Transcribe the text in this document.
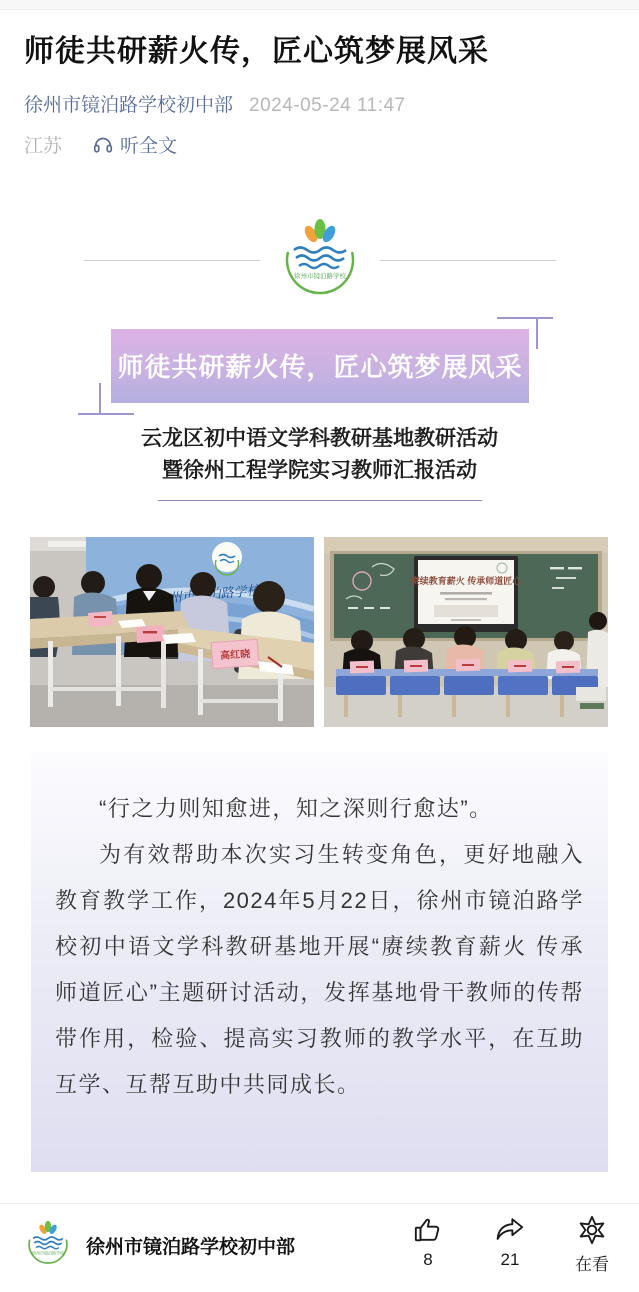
师徒共研薪火传，匠心筑梦展风采
徐州市镜泊路学校初中部 2024-05-24 11:47
江苏	听全文
徐州市镜泊路学校
师徒共研薪火传，匠心筑梦展风采
云龙区初中语文学科教研基地教研活动
暨徐州工程学院实习教师汇报活动
高红晓
赓续教育薪火 传承师道匠心

“行之力则知愈进，知之深则行愈达”。

为有效帮助本次实习生转变角色，更好地融入教育教学工作，2024年5月22日，徐州市镜泊路学校初中语文学科教研基地开展“赓续教育薪火 传承师道匠心”主题研讨活动，发挥基地骨干教师的传帮带作用，检验、提高实习教师的教学水平，在互助互学、互帮互助中共同成长。

徐州市镜泊路学校 徐州市镜泊路学校初中部
8	21	在看
